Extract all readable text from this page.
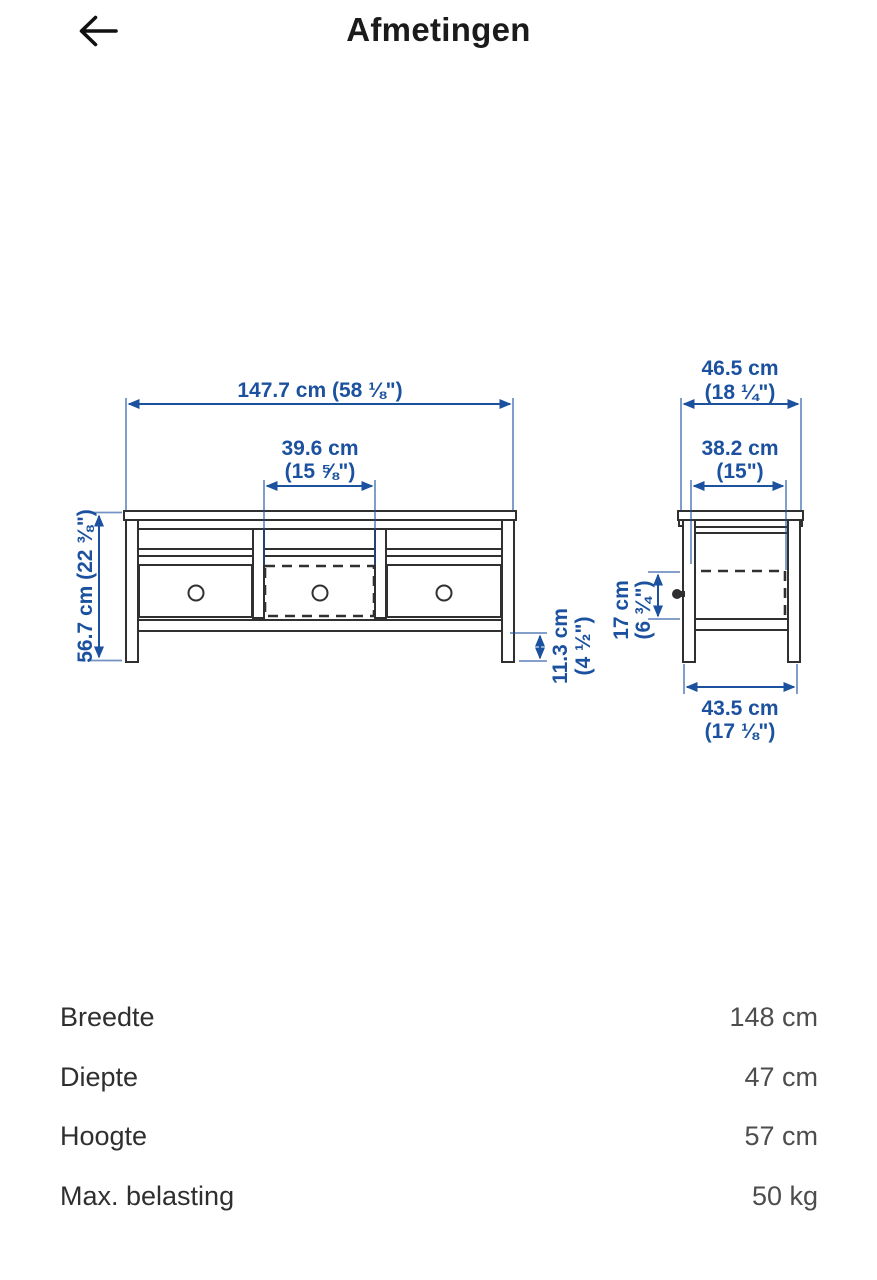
Afmetingen
147.7 cm (58 ⅛")
39.6 cm
(15 ⅝")
56.7 cm (22 ⅜")	11.3 cm (4 ½")
46.5 cm
(18 ¼")
38.2 cm
(15")
17 cm (6 ¾")
43.5 cm
(17 ⅛")
Breedte	148 cm
Diepte	47 cm
Hoogte	57 cm
Max. belasting	50 kg
